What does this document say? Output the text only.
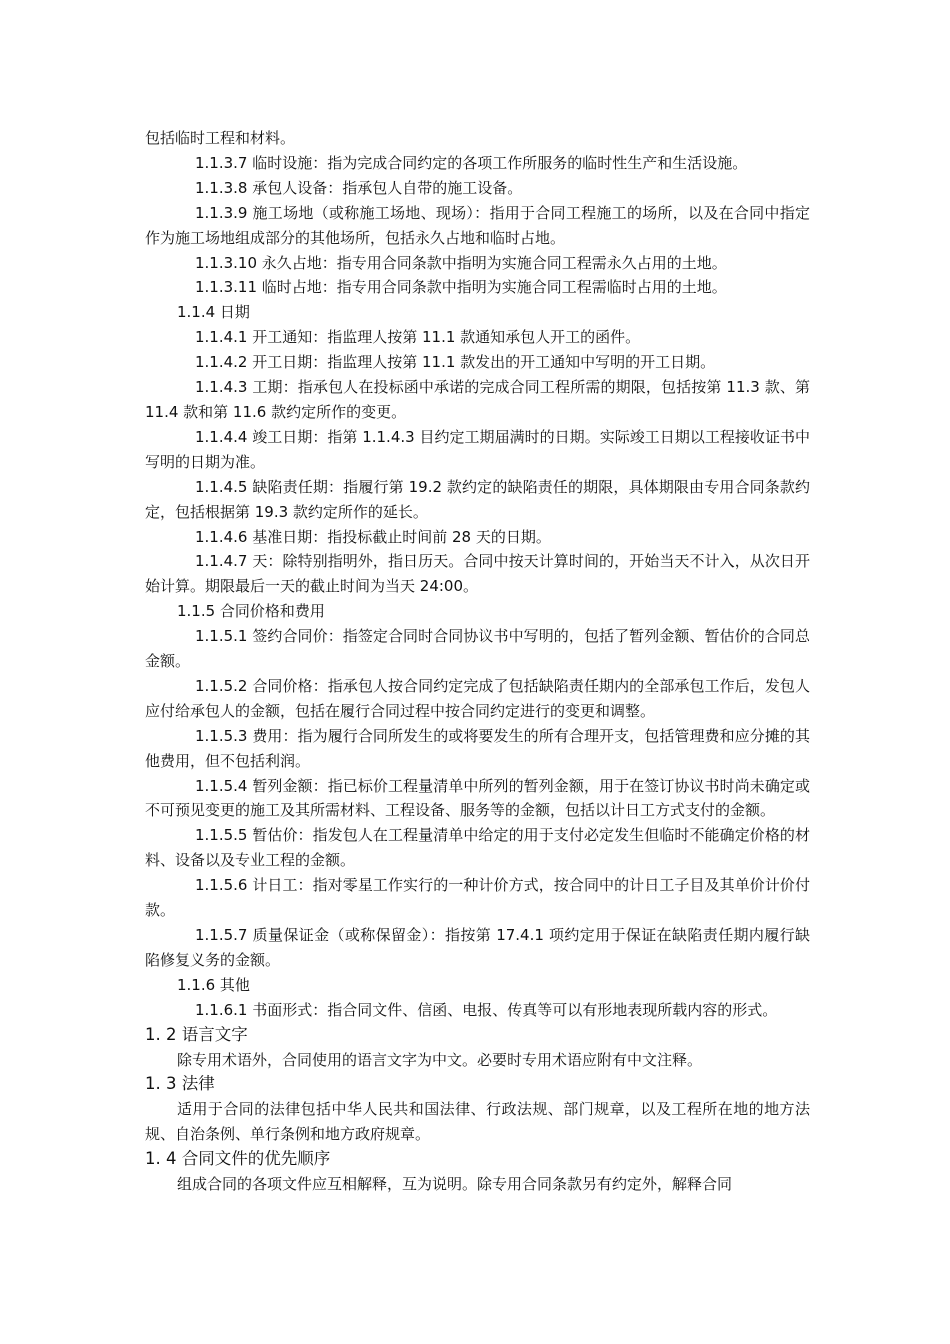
包括临时工程和材料。

1.1.3.7 临时设施：指为完成合同约定的各项工作所服务的临时性生产和生活设施。

1.1.3.8 承包人设备：指承包人自带的施工设备。

1.1.3.9 施工场地（或称施工场地、现场）：指用于合同工程施工的场所，以及在合同中指定作为施工场地组成部分的其他场所，包括永久占地和临时占地。

1.1.3.10 永久占地：指专用合同条款中指明为实施合同工程需永久占用的土地。

1.1.3.11 临时占地：指专用合同条款中指明为实施合同工程需临时占用的土地。

1.1.4 日期

1.1.4.1 开工通知：指监理人按第 11.1 款通知承包人开工的函件。

1.1.4.2 开工日期：指监理人按第 11.1 款发出的开工通知中写明的开工日期。

1.1.4.3 工期：指承包人在投标函中承诺的完成合同工程所需的期限，包括按第 11.3 款、第 11.4 款和第 11.6 款约定所作的变更。

1.1.4.4 竣工日期：指第 1.1.4.3 目约定工期届满时的日期。实际竣工日期以工程接收证书中写明的日期为准。

1.1.4.5 缺陷责任期：指履行第 19.2 款约定的缺陷责任的期限，具体期限由专用合同条款约定，包括根据第 19.3 款约定所作的延长。

1.1.4.6 基准日期：指投标截止时间前 28 天的日期。

1.1.4.7 天：除特别指明外，指日历天。合同中按天计算时间的，开始当天不计入，从次日开始计算。期限最后一天的截止时间为当天 24:00。

1.1.5 合同价格和费用

1.1.5.1 签约合同价：指签定合同时合同协议书中写明的，包括了暂列金额、暂估价的合同总金额。

1.1.5.2 合同价格：指承包人按合同约定完成了包括缺陷责任期内的全部承包工作后，发包人应付给承包人的金额，包括在履行合同过程中按合同约定进行的变更和调整。

1.1.5.3 费用：指为履行合同所发生的或将要发生的所有合理开支，包括管理费和应分摊的其他费用，但不包括利润。

1.1.5.4 暂列金额：指已标价工程量清单中所列的暂列金额，用于在签订协议书时尚未确定或不可预见变更的施工及其所需材料、工程设备、服务等的金额，包括以计日工方式支付的金额。

1.1.5.5 暂估价：指发包人在工程量清单中给定的用于支付必定发生但临时不能确定价格的材料、设备以及专业工程的金额。

1.1.5.6 计日工：指对零星工作实行的一种计价方式，按合同中的计日工子目及其单价计价付款。

1.1.5.7 质量保证金（或称保留金）：指按第 17.4.1 项约定用于保证在缺陷责任期内履行缺陷修复义务的金额。

1.1.6 其他

1.1.6.1 书面形式：指合同文件、信函、电报、传真等可以有形地表现所载内容的形式。

1. 2 语言文字

除专用术语外，合同使用的语言文字为中文。必要时专用术语应附有中文注释。

1. 3 法律

适用于合同的法律包括中华人民共和国法律、行政法规、部门规章，以及工程所在地的地方法规、自治条例、单行条例和地方政府规章。

1. 4 合同文件的优先顺序

组成合同的各项文件应互相解释，互为说明。除专用合同条款另有约定外，解释合同
